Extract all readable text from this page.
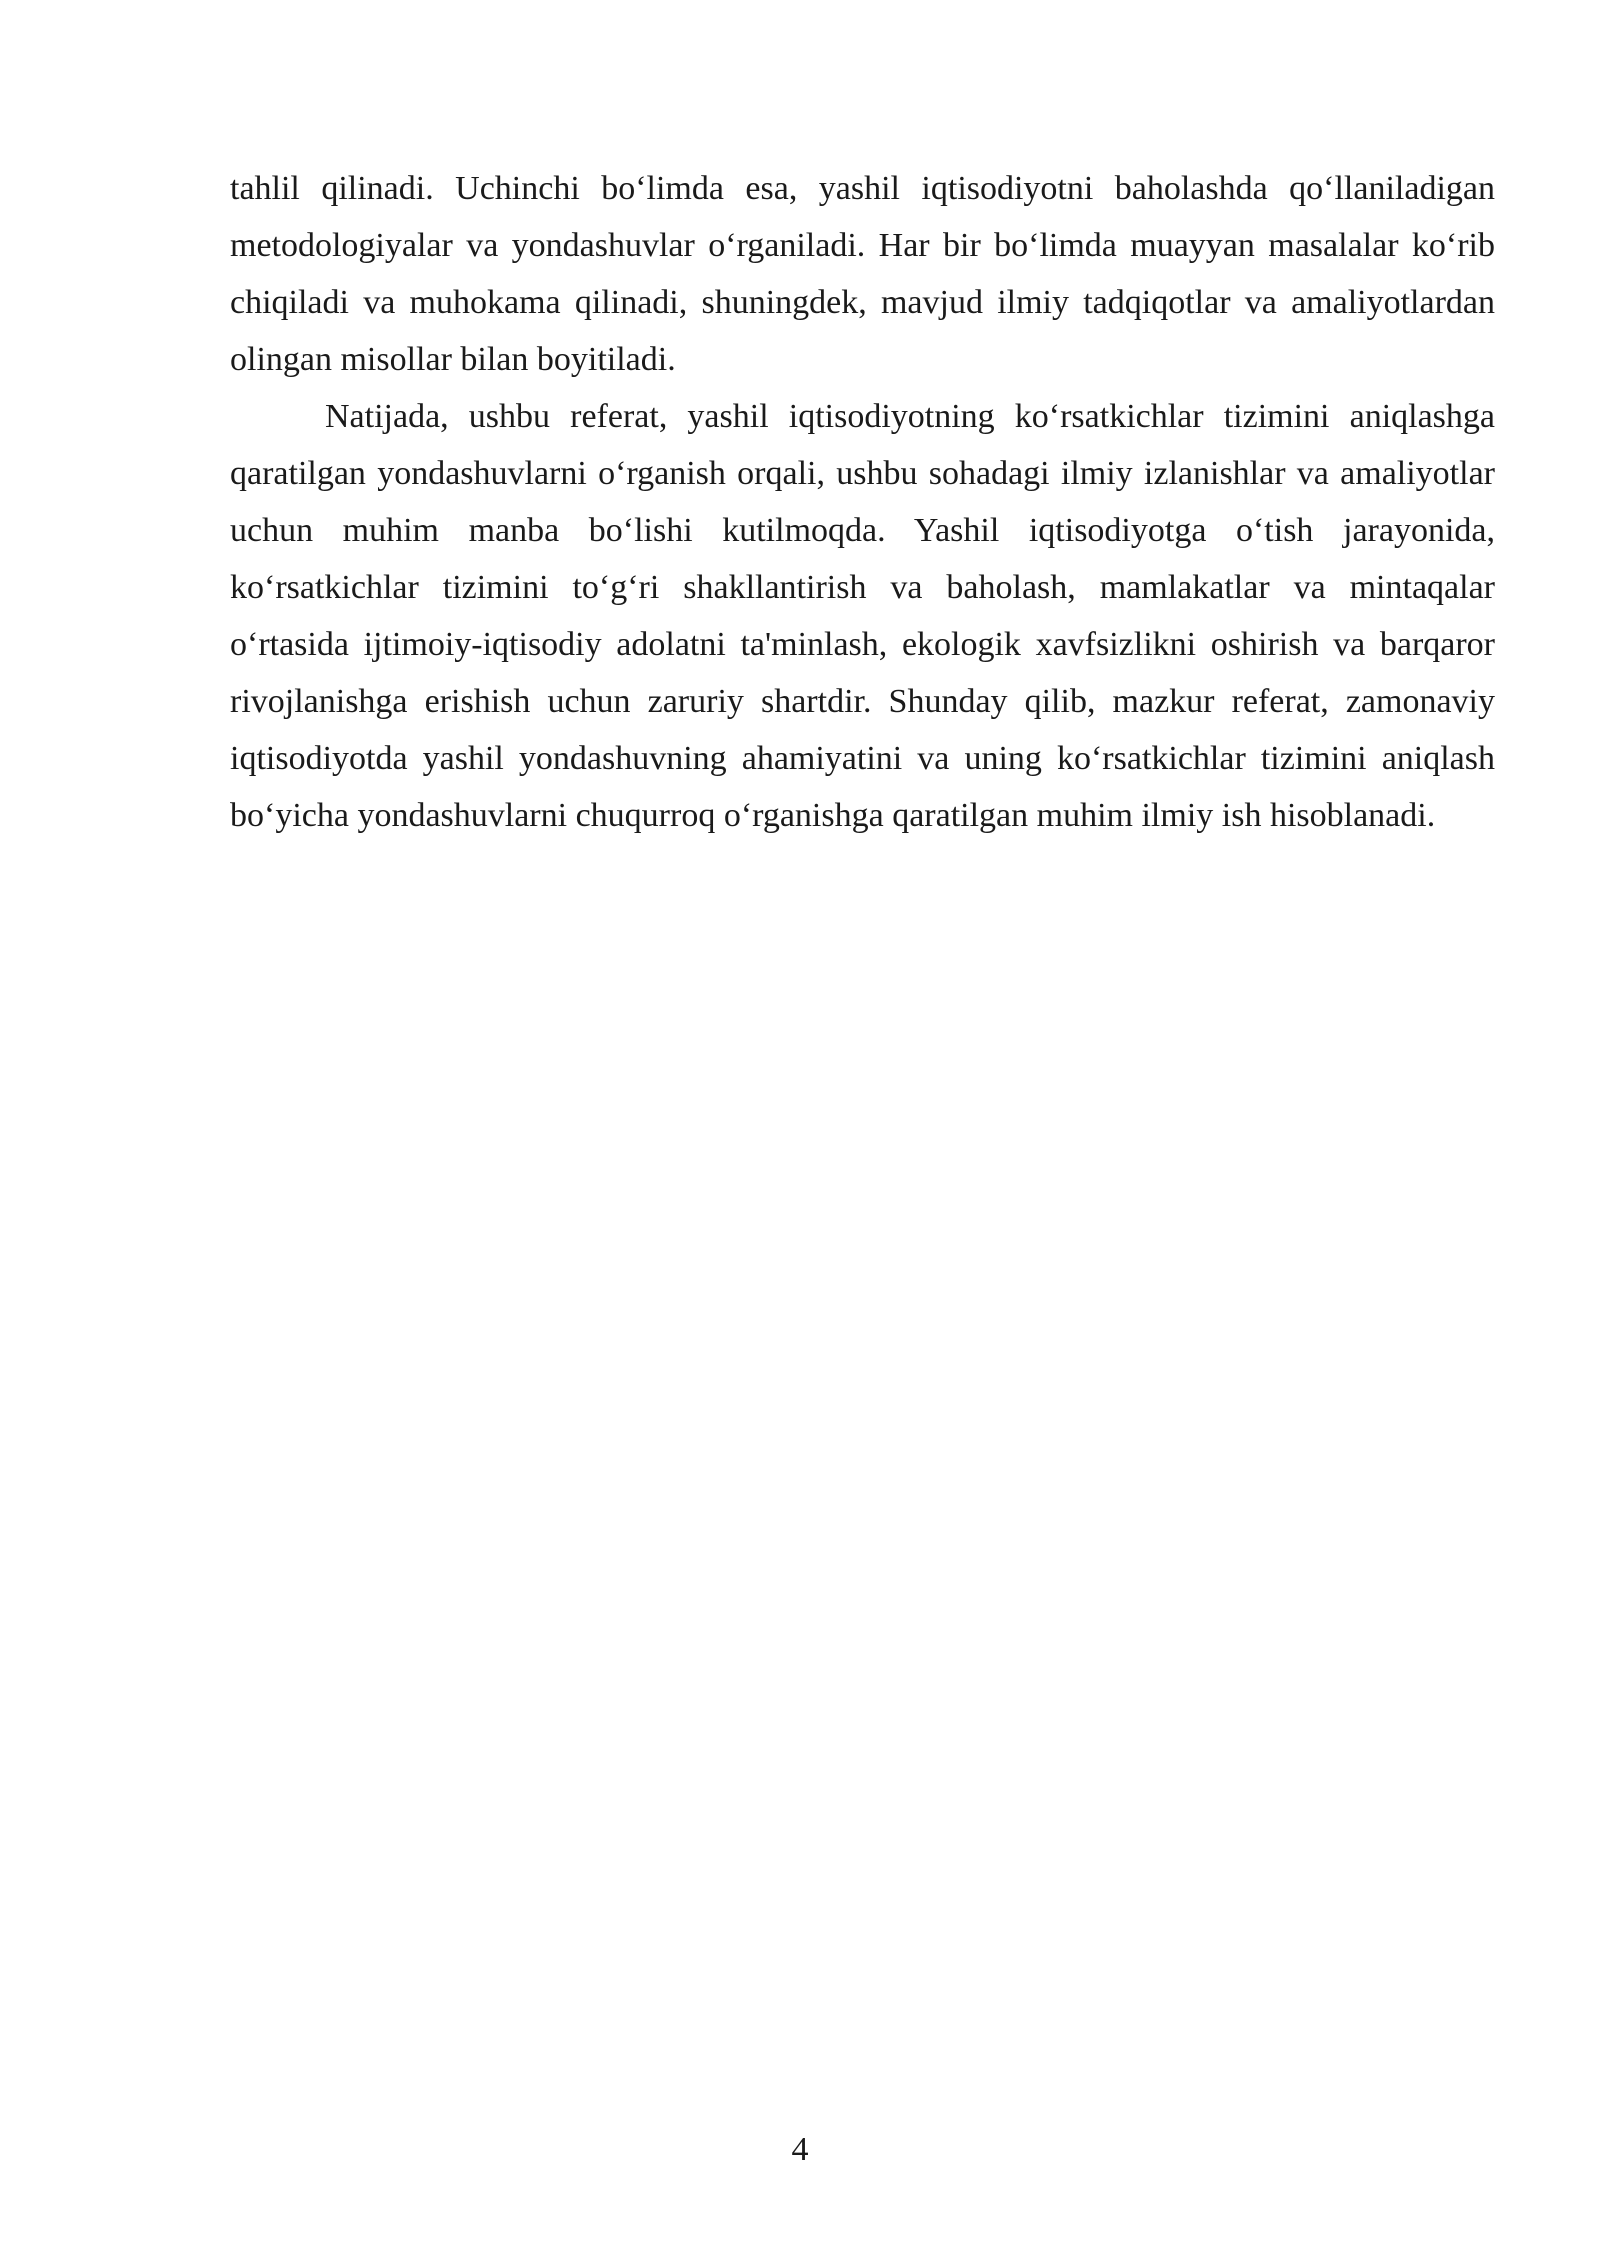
tahlil qilinadi. Uchinchi bo‘limda esa, yashil iqtisodiyotni baholashda qo‘llaniladigan metodologiyalar va yondashuvlar o‘rganiladi. Har bir bo‘limda muayyan masalalar ko‘rib chiqiladi va muhokama qilinadi, shuningdek, mavjud ilmiy tadqiqotlar va amaliyotlardan olingan misollar bilan boyitiladi.

Natijada, ushbu referat, yashil iqtisodiyotning ko‘rsatkichlar tizimini aniqlashga qaratilgan yondashuvlarni o‘rganish orqali, ushbu sohadagi ilmiy izlanishlar va amaliyotlar uchun muhim manba bo‘lishi kutilmoqda. Yashil iqtisodiyotga o‘tish jarayonida, ko‘rsatkichlar tizimini to‘g‘ri shakllantirish va baholash, mamlakatlar va mintaqalar o‘rtasida ijtimoiy-iqtisodiy adolatni ta'minlash, ekologik xavfsizlikni oshirish va barqaror rivojlanishga erishish uchun zaruriy shartdir. Shunday qilib, mazkur referat, zamonaviy iqtisodiyotda yashil yondashuvning ahamiyatini va uning ko‘rsatkichlar tizimini aniqlash bo‘yicha yondashuvlarni chuqurroq o‘rganishga qaratilgan muhim ilmiy ish hisoblanadi.

4
